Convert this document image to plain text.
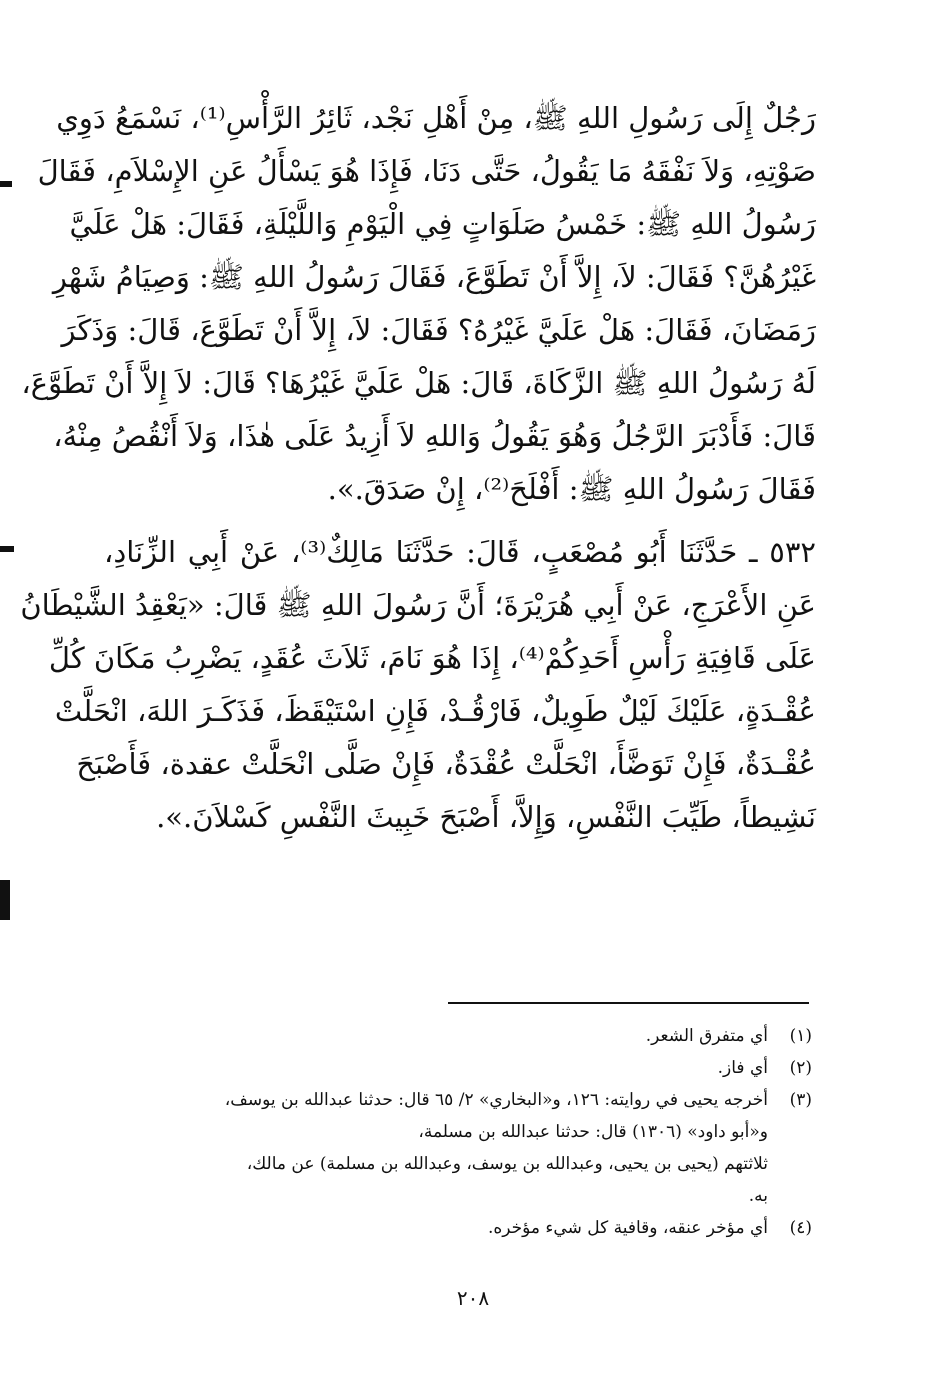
رَجُلٌ إِلَى رَسُولِ اللهِ ﷺ، مِنْ أَهْلِ نَجْد، ثَائِرُ الرَّأْسِ⁽¹⁾، نَسْمَعُ دَوِي
صَوْتِهِ، وَلاَ نَفْقَهُ مَا يَقُولُ، حَتَّى دَنَا، فَإِذَا هُوَ يَسْأَلُ عَنِ الإِسْلاَمِ، فَقَالَ
رَسُولُ اللهِ ﷺ: خَمْسُ صَلَوَاتٍ فِي الْيَوْمِ وَاللَّيْلَةِ، فَقَالَ: هَلْ عَلَيَّ
غَيْرُهُنَّ؟ فَقَالَ: لاَ، إِلاَّ أَنْ تَطَوَّعَ، فَقَالَ رَسُولُ اللهِ ﷺ: وَصِيَامُ شَهْرِ
رَمَضَانَ، فَقَالَ: هَلْ عَلَيَّ غَيْرُهُ؟ فَقَالَ: لاَ، إِلاَّ أَنْ تَطَوَّعَ، قَالَ: وَذَكَرَ
لَهُ رَسُولُ اللهِ ﷺ الزَّكَاةَ، قَالَ: هَلْ عَلَيَّ غَيْرُهَا؟ قَالَ: لاَ إِلاَّ أَنْ تَطَوَّعَ،
قَالَ: فَأَدْبَرَ الرَّجُلُ وَهُوَ يَقُولُ وَاللهِ لاَ أَزِيدُ عَلَى هٰذَا، وَلاَ أَنْقُصُ مِنْهُ،
فَقَالَ رَسُولُ اللهِ ﷺ: أَفْلَحَ⁽²⁾، إِنْ صَدَقَ.».
٥٣٢ ـ حَدَّثَنَا أَبُو مُصْعَبٍ، قَالَ: حَدَّثَنَا مَالِكٌ⁽³⁾، عَنْ أَبِي الزِّنَادِ،
عَنِ الأَعْرَجِ، عَنْ أَبِي هُرَيْرَةَ؛ أَنَّ رَسُولَ اللهِ ﷺ قَالَ: «يَعْقِدُ الشَّيْطَانُ
عَلَى قَافِيَةِ رَأْسِ أَحَدِكُمْ⁽⁴⁾، إِذَا هُوَ نَامَ، ثَلاَثَ عُقَدٍ، يَضْرِبُ مَكَانَ كُلِّ
عُقْـدَةٍ، عَلَيْكَ لَيْلٌ طَوِيلٌ، فَارْقُـدْ، فَإِنِ اسْتَيْقَظَ، فَذَكَـرَ اللهَ، انْحَلَّتْ
عُقْـدَةٌ، فَإِنْ تَوَضَّأَ، انْحَلَّتْ عُقْدَةٌ، فَإِنْ صَلَّى انْحَلَّتْ عقدة، فَأَصْبَحَ
نَشِيطاً، طَيِّبَ النَّفْسِ، وَإِلاَّ، أَصْبَحَ خَبِيثَ النَّفْسِ كَسْلاَنَ.».
(١)
أي متفرق الشعر.
(٢)
أي فاز.
(٣)
أخرجه يحيى في روايته: ١٢٦، و«البخاري» ٢/ ٦٥ قال: حدثنا عبدالله بن يوسف،
و«أبو داود» (١٣٠٦) قال: حدثنا عبدالله بن مسلمة،
ثلاثتهم (يحيى بن يحيى، وعبدالله بن يوسف، وعبدالله بن مسلمة) عن مالك،
به.
(٤)
أي مؤخر عنقه، وقافية كل شيء مؤخره.
٢٠٨
